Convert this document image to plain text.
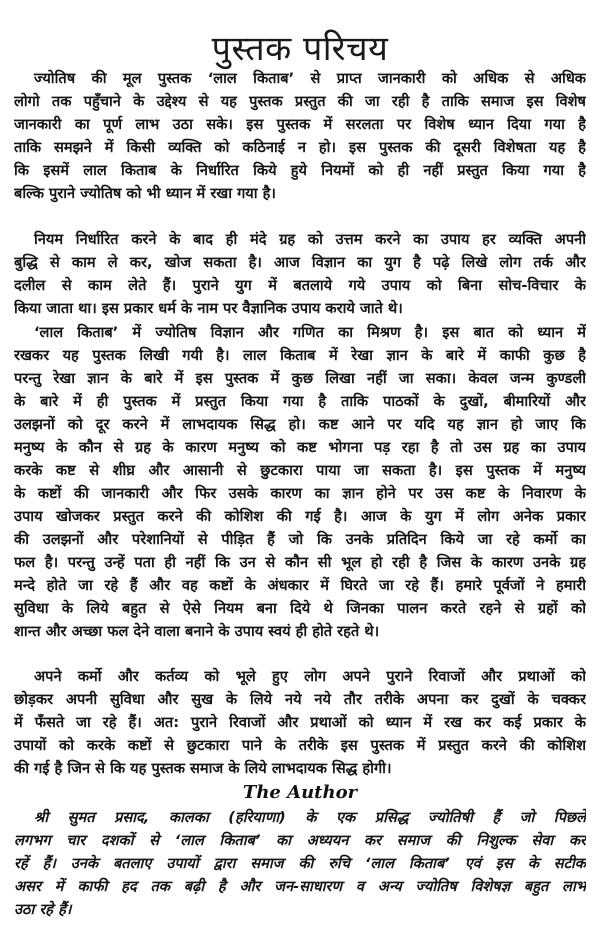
पुस्तक परिचय
ज्योतिष की मूल पुस्तक ‘लाल किताब’ से प्राप्त जानकारी को अधिक से अधिक
लोगो तक पहुँचाने के उद्देश्य से यह पुस्तक प्रस्तुत की जा रही है ताकि समाज इस विशेष
जानकारी का पूर्ण लाभ उठा सके। इस पुस्तक में सरलता पर विशेष ध्यान दिया गया है
ताकि समझने में किसी व्यक्ति को कठिनाई न हो। इस पुस्तक की दूसरी विशेषता यह है
कि इसमें लाल किताब के निर्धारित किये हुये नियमों को ही नहीं प्रस्तुत किया गया है
बल्कि पुराने ज्योतिष को भी ध्यान में रखा गया है।
नियम निर्धारित करने के बाद ही मंदे ग्रह को उत्तम करने का उपाय हर व्यक्ति अपनी
बुद्धि से काम ले कर, खोज सकता है। आज विज्ञान का युग है पढ़े लिखे लोग तर्क और
दलील से काम लेते हैं। पुराने युग में बतलाये गये उपाय को बिना सोच-विचार के
किया जाता था। इस प्रकार धर्म के नाम पर वैज्ञानिक उपाय कराये जाते थे।
‘लाल किताब’ में ज्योतिष विज्ञान और गणित का मिश्रण है। इस बात को ध्यान में
रखकर यह पुस्तक लिखी गयी है। लाल किताब में रेखा ज्ञान के बारे में काफी कुछ है
परन्तु रेखा ज्ञान के बारे में इस पुस्तक में कुछ लिखा नहीं जा सका। केवल जन्म कुण्डली
के बारे में ही पुस्तक में प्रस्तुत किया गया है ताकि पाठकों के दुखों, बीमारियों और
उलझनों को दूर करने में लाभदायक सिद्ध हो। कष्ट आने पर यदि यह ज्ञान हो जाए कि
मनुष्य के कौन से ग्रह के कारण मनुष्य को कष्ट भोगना पड़ रहा है तो उस ग्रह का उपाय
करके कष्ट से शीघ्र और आसानी से छुटकारा पाया जा सकता है। इस पुस्तक में मनुष्य
के कष्टों की जानकारी और फिर उसके कारण का ज्ञान होने पर उस कष्ट के निवारण के
उपाय खोजकर प्रस्तुत करने की कोशिश की गई है। आज के युग में लोग अनेक प्रकार
की उलझनों और परेशानियों से पीड़ित हैं जो कि उनके प्रतिदिन किये जा रहे कर्मो का
फल है। परन्तु उन्हें पता ही नहीं कि उन से कौन सी भूल हो रही है जिस के कारण उनके ग्रह
मन्दे होते जा रहे हैं और वह कष्टों के अंधकार में घिरते जा रहे हैं। हमारे पूर्वजों ने हमारी
सुविधा के लिये बहुत से ऐसे नियम बना दिये थे जिनका पालन करते रहने से ग्रहों को
शान्त और अच्छा फल देने वाला बनाने के उपाय स्वयं ही होते रहते थे।
अपने कर्मो और कर्तव्य को भूले हुए लोग अपने पुराने रिवाजों और प्रथाओं को
छोड़कर अपनी सुविधा और सुख के लिये नये नये तौर तरीके अपना कर दुखों के चक्कर
में फँसते जा रहे हैं। अत: पुराने रिवाजों और प्रथाओं को ध्यान में रख कर कई प्रकार के
उपायों को करके कष्टों से छुटकारा पाने के तरीके इस पुस्तक में प्रस्तुत करने की कोशिश
की गई है जिन से कि यह पुस्तक समाज के लिये लाभदायक सिद्ध होगी।
The Author
श्री सुमत प्रसाद, कालका (हरियाणा) के एक प्रसिद्ध ज्योतिषी हैं जो पिछले
लगभग चार दशकों से ‘लाल किताब’ का अध्ययन कर समाज की निशुल्क सेवा कर
रहें हैं। उनके बतलाए उपायों द्वारा समाज की रुचि ‘लाल किताब’ एवं इस के सटीक
असर में काफी हद तक बढ़ी है और जन-साधारण व अन्य ज्योतिष विशेषज्ञ बहुत लाभ
उठा रहे हैं।
